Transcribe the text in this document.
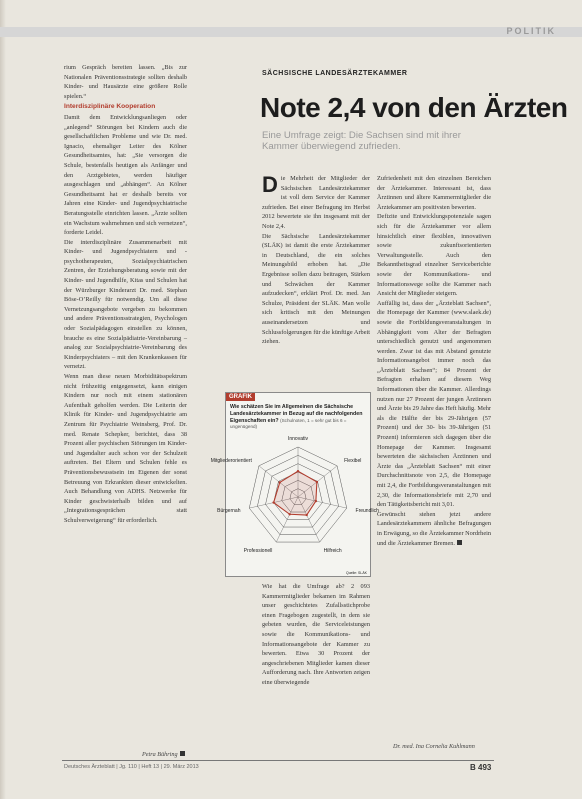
POLITIK

rium Gespräch bereiten lassen. „Bis zur Nationalen Präventionsstrategie sollten deshalb Kinder- und Hausärzte eine größere Rolle spielen.“

Interdisziplinäre Kooperation

Damit dem Entwicklungsanliegen oder „anlegend“ Störungen bei Kindern auch die gesellschaftlichen Probleme und wie Dr. med. Ignacio, ehemaliger Leiter des Kölner Gesundheitsamtes, hat: „Sie versorgen die Schule, bestenfalls heutigen als Anfänger und den Arztgebietes, werden häufiger ausgeschlagen und „abhängen“. An Kölner Gesundheitsamt hat er deshalb bereits vor Jahren eine Kinder- und Jugendpsychiatrische Beratungsstelle einrichten lassen. „Ärzte sollten ein Wachstum wahrnehmen und sich vernetzen“, forderte Leidel.
Die interdisziplinäre Zusammenarbeit mit Kinder- und Jugendpsychiatern und -psychotherapeuten, Sozialpsychiatrischen Zentren, der Erziehungsberatung sowie mit der Kinder- und Jugendhilfe, Kitas und Schulen hat der Würzburger Kinderarzt Dr. med. Stephan Böse-O’Reilly für notwendig. Um all diese Vernetzungsangebote vergeben zu bekommen und andere Präventionsstrategien, Psychologen oder Sozialpädagogen einstellen zu können, brauche es eine Sozialpädiatrie-Vereinbarung – analog zur Sozialpsychiatrie-Vereinbarung des Kinderpsychiaters – mit den Krankenkassen für vernetzt.
Wenn man diese neuen Morbiditätsspektrum nicht frühzeitig entgegensetzt, kann einigen Kindern nur noch mit einem stationären Aufenthalt geholfen werden. Die Leiterin der Klinik für Kinder- und Jugendpsychiatrie am Zentrum für Psychiatrie Weinsberg, Prof. Dr. med. Renate Schepker, berichtet, dass 38 Prozent aller psychischen Störungen im Kinder- und Jugendalter auch schon vor der Schulzeit auftreten. Bei Eltern und Schulen fehle es Präventionsbewusstsein im Eigenen der sonst Betreuung von Erkrankten dieser entwickelten. Auch Behandlung von ADHS. Netzwerke für Kinder geschwisterhalb bilden und auf „Integrationsgesprächen statt Schulverweigerung“ für erforderlich.

Petra Bühring
SÄCHSISCHE LANDESÄRZTEKAMMER
Note 2,4 von den Ärzten
Eine Umfrage zeigt: Die Sachsen sind mit ihrer Kammer überwiegend zufrieden.
D ie Mehrheit der Mitglieder der Sächsischen Landesärztekammer ist voll dem Service der Kammer zufrieden. Bei einer Befragung im Herbst 2012 bewertete sie ihn insgesamt mit der Note 2,4.
Die Sächsische Landesärztekammer (SLÄK) ist damit die erste Ärztekammer in Deutschland, die ein solches Meinungsbild erhoben hat. „Die Ergebnisse sollen dazu beitragen, Stärken und Schwächen der Kammer aufzudecken“, erklärt Prof. Dr. med. Jan Schulze, Präsident der SLÄK. Man wolle sich kritisch mit den Meinungen auseinandersetzen und Schlussfolgerungen für die künftige Arbeit ziehen.
GRAFIK
Wie schätzen Sie im Allgemeinen die Sächsische Landesärztekammer in Bezug auf die nachfolgenden Eigenschaften ein? (Schulnoten, 1 = sehr gut bis 6 = ungenügend)
Innovativ
Flexibel
Freundlich
Hilfreich
Professionell
Bürgernah
Mitgliederorientiert
Quelle: SLÄK
Wie hat die Umfrage ab? 2 093 Kammermitglieder bekamen im Rahmen unser geschichtetes Zufallsstichprobe einen Fragebogen zugestellt, in dem sie gebeten wurden, die Serviceleistungen sowie die Kommunikations- und Informationsangebote der Kammer zu bewerten. Etwa 30 Prozent der angeschriebenen Mitglieder kamen dieser Aufforderung nach. Ihre Antworten zeigen eine überwiegende
Zufriedenheit mit den einzelnen Bereichen der Ärztekammer. Interessant ist, dass Ärztinnen und ältere Kammermitglieder die Ärztekammer am positivsten bewerten.
Defizite und Entwicklungspotenziale sagen sich für die Ärztekammer vor allem hinsichtlich einer flexiblen, innovativen sowie zukunftsorientierten Verwaltungsstelle. Auch den Bekanntheitsgrad einzelner Serviceberichte sowie der Kommunikations- und Informationswege sollte die Kammer nach Ansicht der Mitglieder steigern.
Auffällig ist, dass der „Ärzteblatt Sachsen“, die Homepage der Kammer (www.slaek.de) sowie die Fortbildungsveranstaltungen in Abhängigkeit vom Alter der Befragten unterschiedlich genutzt und angenommen werden. Zwar ist das mit Abstand genutzte Informationsangebot immer noch das „Ärzteblatt Sachsen“; 84 Prozent der Befragten erhalten auf diesem Weg Informationen über die Kammer. Allerdings nutzen nur 27 Prozent der jungen Ärztinnen und Ärzte bis 29 Jahre das Heft häufig. Mehr als die Hälfte der bis 29-Jährigen (57 Prozent) und der 30- bis 39-Jährigen (51 Prozent) informieren sich dagegen über die Homepage der Kammer. Insgesamt bewerteten die sächsischen Ärztinnen und Ärzte das „Ärzteblatt Sachsen“ mit einer Durchschnittsnote von 2,5, die Homepage mit 2,4, die Fortbildungsveranstaltungen mit 2,30, die Informationsbriefe mit 2,70 und den Tätigkeitsbericht mit 3,01.
Gewünscht stehen jetzt andere Landesärztekammern ähnliche Befragungen in Erwägung, so die Ärztekammer Nordrhein und die Ärztekammer Bremen.
Dr. med. Ina Cornelia Kuhlmann
Deutsches Ärzteblatt | Jg. 110 | Heft 13 | 29. März 2013	B 493
